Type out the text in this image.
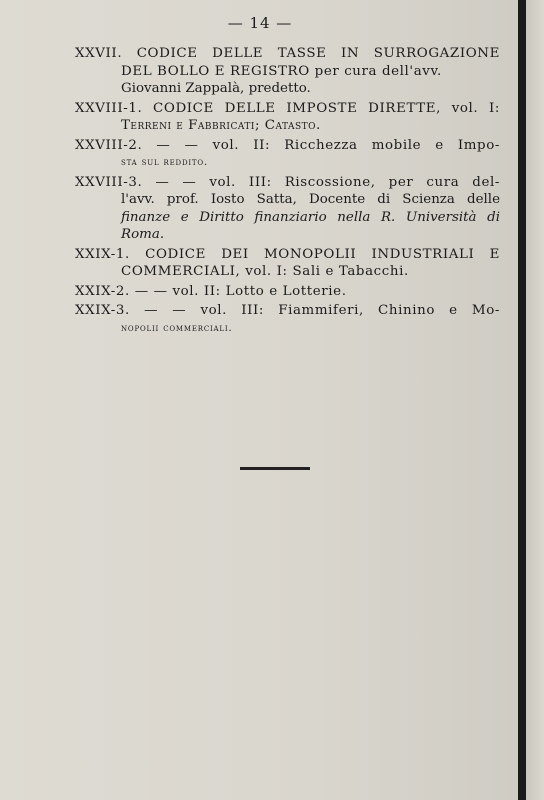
— 14 —

XXVII. CODICE DELLE TASSE IN SURROGAZIONE
DEL BOLLO E REGISTRO per cura dell'avv.
Giovanni Zappalà, predetto.

XXVIII-1. CODICE DELLE IMPOSTE DIRETTE, vol. I:
Terreni e Fabbricati; Catasto.

XXVIII-2. — — vol. II: Ricchezza mobile e Impo-
sta sul reddito.

XXVIII-3. — — vol. III: Riscossione, per cura del-
l'avv. prof. Iosto Satta, Docente di Scienza delle
finanze e Diritto finanziario nella R. Università di
Roma.

XXIX-1. CODICE DEI MONOPOLII INDUSTRIALI E
COMMERCIALI, vol. I: Sali e Tabacchi.

XXIX-2. — — vol. II: Lotto e Lotterie.

XXIX-3. — — vol. III: Fiammiferi, Chinino e Mo-
nopolii commerciali.
